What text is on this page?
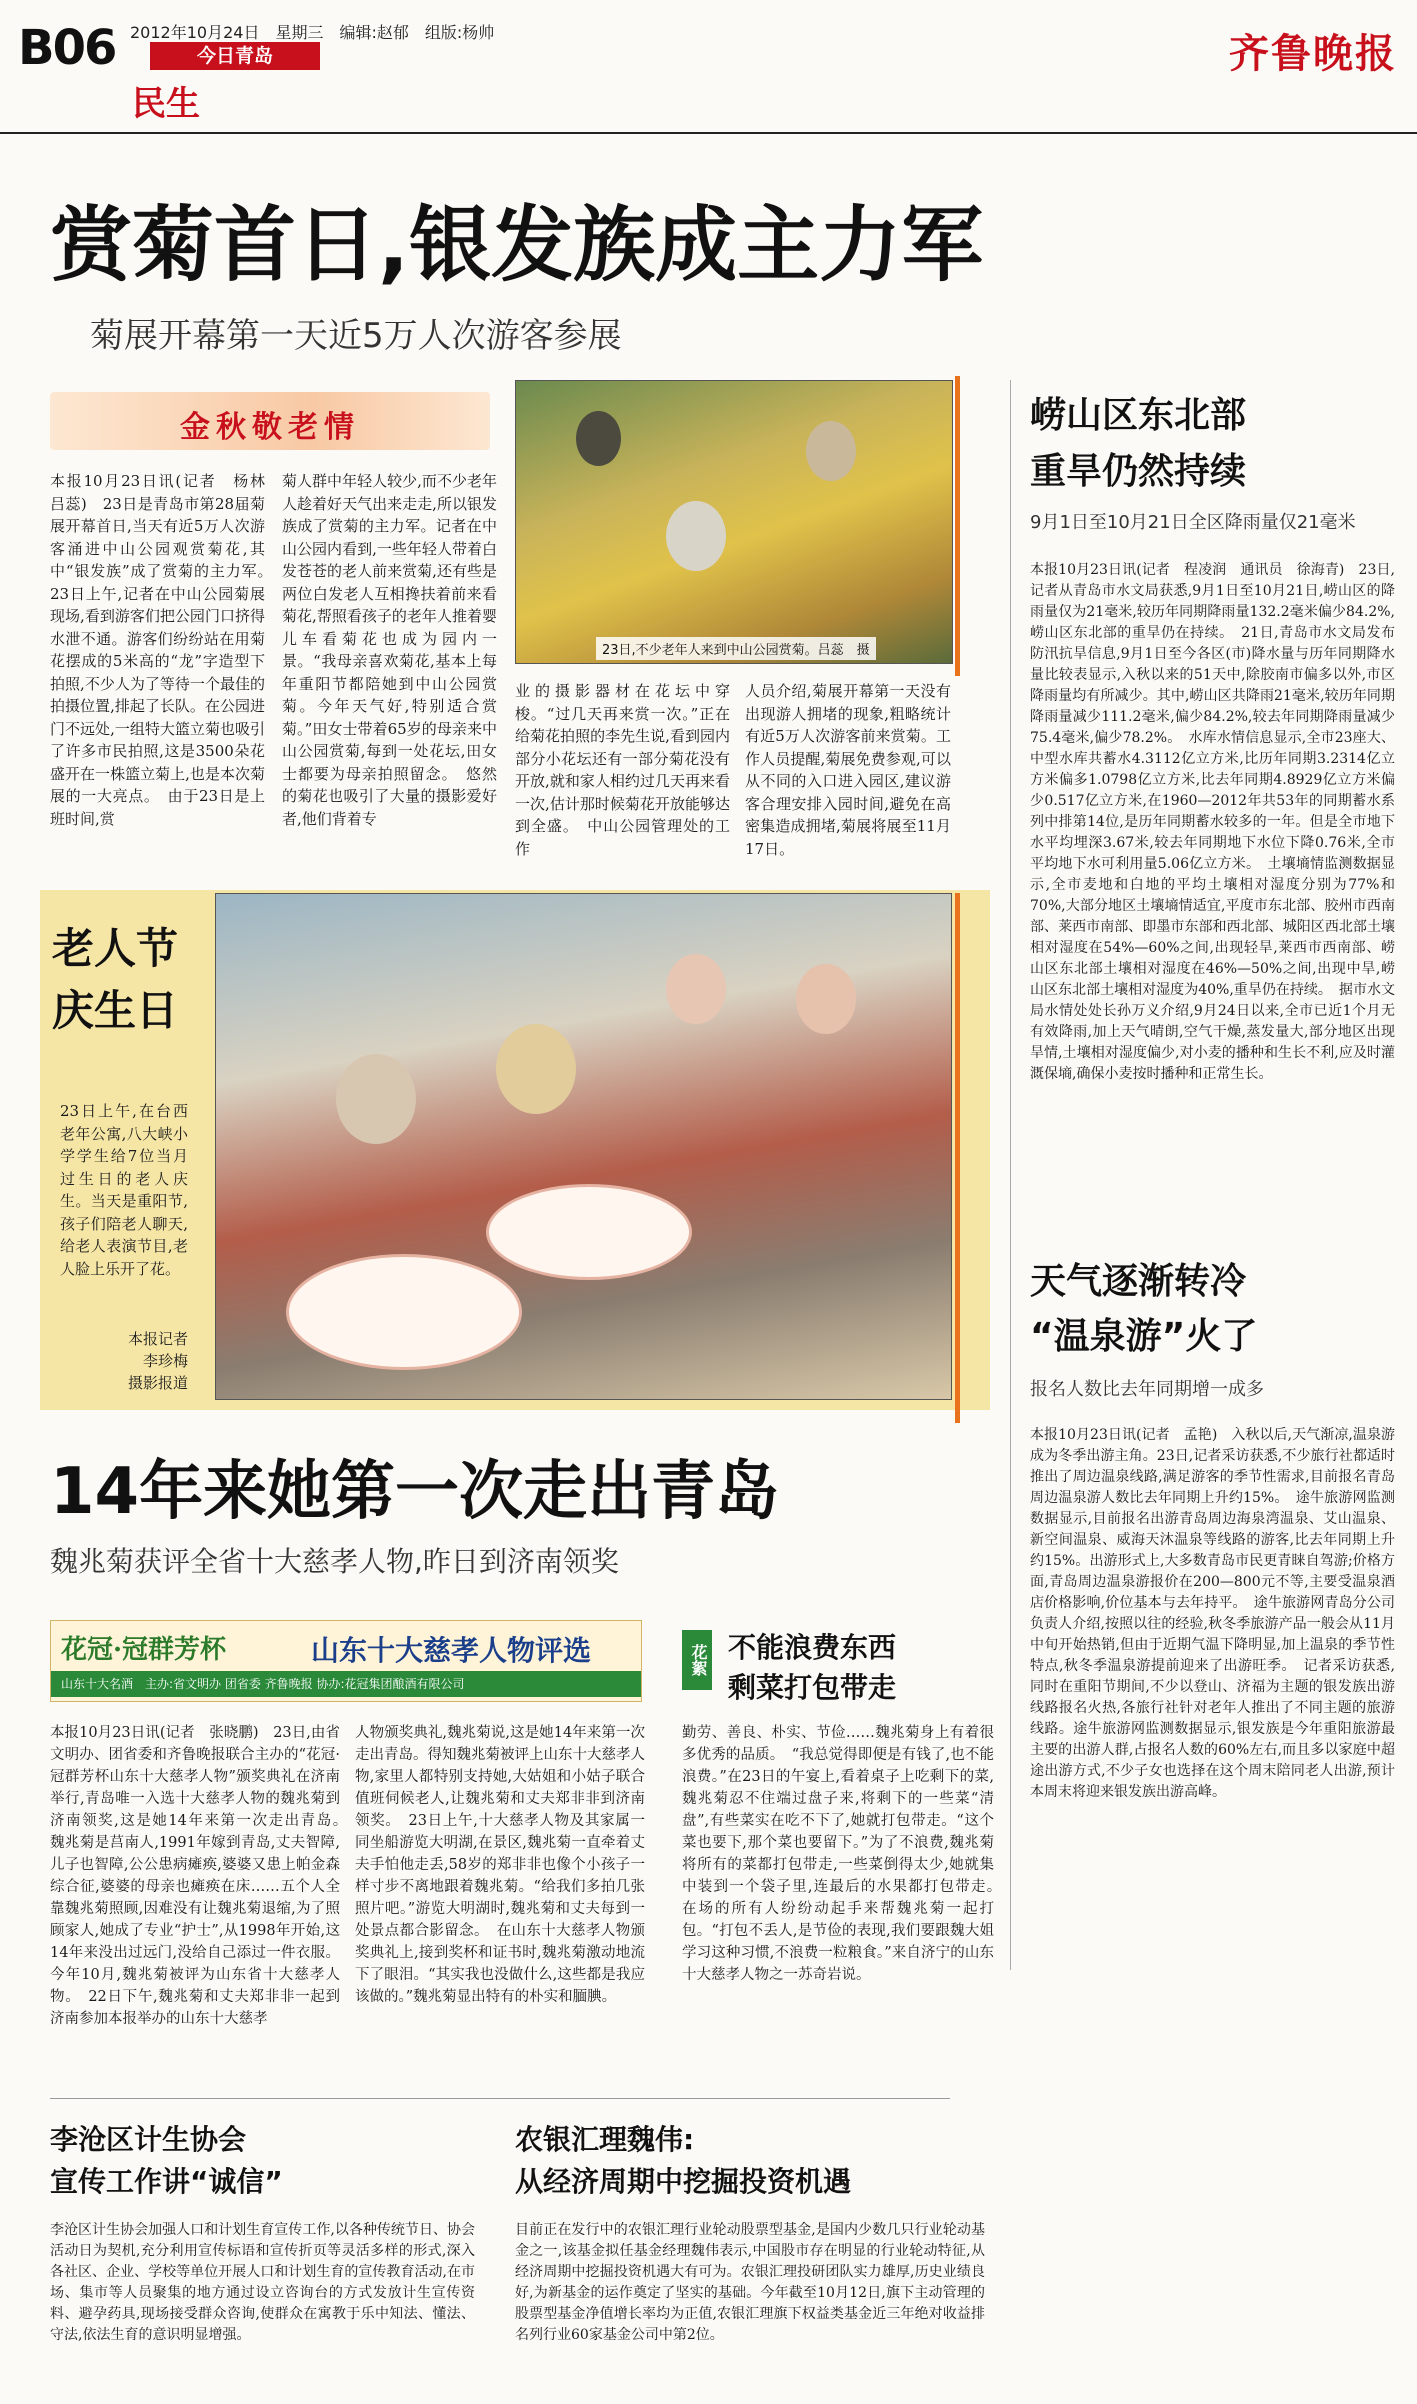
B06 2012年10月24日　星期三　编辑:赵郁　组版:杨帅
今日青岛
民生
齐鲁晚报
赏菊首日,银发族成主力军
菊展开幕第一天近5万人次游客参展
金秋敬老情
本报10月23日讯(记者　杨林　吕蕊)　23日是青岛市第28届菊展开幕首日,当天有近5万人次游客涌进中山公园观赏菊花,其中“银发族”成了赏菊的主力军。　23日上午,记者在中山公园菊展现场,看到游客们把公园门口挤得水泄不通。游客们纷纷站在用菊花摆成的5米高的“龙”字造型下拍照,不少人为了等待一个最佳的拍摄位置,排起了长队。在公园进门不远处,一组特大篮立菊也吸引了许多市民拍照,这是3500朵花盛开在一株篮立菊上,也是本次菊展的一大亮点。　由于23日是上班时间,赏
菊人群中年轻人较少,而不少老年人趁着好天气出来走走,所以银发族成了赏菊的主力军。记者在中山公园内看到,一些年轻人带着白发苍苍的老人前来赏菊,还有些是两位白发老人互相搀扶着前来看菊花,帮照看孩子的老年人推着婴儿车看菊花也成为园内一景。“我母亲喜欢菊花,基本上每年重阳节都陪她到中山公园赏菊。今年天气好,特别适合赏菊。”田女士带着65岁的母亲来中山公园赏菊,每到一处花坛,田女士都要为母亲拍照留念。　悠然的菊花也吸引了大量的摄影爱好者,他们背着专
23日,不少老年人来到中山公园赏菊。吕蕊　摄
业的摄影器材在花坛中穿梭。“过几天再来赏一次。”正在给菊花拍照的李先生说,看到园内部分小花坛还有一部分菊花没有开放,就和家人相约过几天再来看一次,估计那时候菊花开放能够达到全盛。　中山公园管理处的工作
人员介绍,菊展开幕第一天没有出现游人拥堵的现象,粗略统计有近5万人次游客前来赏菊。工作人员提醒,菊展免费参观,可以从不同的入口进入园区,建议游客合理安排入园时间,避免在高密集造成拥堵,菊展将展至11月17日。
崂山区东北部
重旱仍然持续
9月1日至10月21日全区降雨量仅21毫米
本报10月23日讯(记者　程凌润　通讯员　徐海青)　23日,记者从青岛市水文局获悉,9月1日至10月21日,崂山区的降雨量仅为21毫米,较历年同期降雨量132.2毫米偏少84.2%,崂山区东北部的重旱仍在持续。　21日,青岛市水文局发布防汛抗旱信息,9月1日至今各区(市)降水量与历年同期降水量比较表显示,入秋以来的51天中,除胶南市偏多以外,市区降雨量均有所减少。其中,崂山区共降雨21毫米,较历年同期降雨量减少111.2毫米,偏少84.2%,较去年同期降雨量减少75.4毫米,偏少78.2%。　水库水情信息显示,全市23座大、中型水库共蓄水4.3112亿立方米,比历年同期3.2314亿立方米偏多1.0798亿立方米,比去年同期4.8929亿立方米偏少0.517亿立方米,在1960—2012年共53年的同期蓄水系列中排第14位,是历年同期蓄水较多的一年。但是全市地下水平均埋深3.67米,较去年同期地下水位下降0.76米,全市平均地下水可利用量5.06亿立方米。　土壤墒情监测数据显示,全市麦地和白地的平均土壤相对湿度分别为77%和70%,大部分地区土壤墒情适宜,平度市东北部、胶州市西南部、莱西市南部、即墨市东部和西北部、城阳区西北部土壤相对湿度在54%—60%之间,出现轻旱,莱西市西南部、崂山区东北部土壤相对湿度在46%—50%之间,出现中旱,崂山区东北部土壤相对湿度为40%,重旱仍在持续。　据市水文局水情处处长孙万义介绍,9月24日以来,全市已近1个月无有效降雨,加上天气晴朗,空气干燥,蒸发量大,部分地区出现旱情,土壤相对湿度偏少,对小麦的播种和生长不利,应及时灌溉保墒,确保小麦按时播种和正常生长。
老人节
庆生日
23日上午,在台西老年公寓,八大峡小学学生给7位当月过生日的老人庆生。当天是重阳节,孩子们陪老人聊天,给老人表演节目,老人脸上乐开了花。
本报记者
李珍梅
摄影报道
天气逐渐转冷
“温泉游”火了
报名人数比去年同期增一成多
本报10月23日讯(记者　孟艳)　入秋以后,天气渐凉,温泉游成为冬季出游主角。23日,记者采访获悉,不少旅行社都适时推出了周边温泉线路,满足游客的季节性需求,目前报名青岛周边温泉游人数比去年同期上升约15%。　途牛旅游网监测数据显示,目前报名出游青岛周边海泉湾温泉、艾山温泉、新空间温泉、威海天沐温泉等线路的游客,比去年同期上升约15%。出游形式上,大多数青岛市民更青睐自驾游;价格方面,青岛周边温泉游报价在200—800元不等,主要受温泉酒店价格影响,价位基本与去年持平。　途牛旅游网青岛分公司负责人介绍,按照以往的经验,秋冬季旅游产品一般会从11月中旬开始热销,但由于近期气温下降明显,加上温泉的季节性特点,秋冬季温泉游提前迎来了出游旺季。　记者采访获悉,同时在重阳节期间,不少以登山、济福为主题的银发族出游线路报名火热,各旅行社针对老年人推出了不同主题的旅游线路。途牛旅游网监测数据显示,银发族是今年重阳旅游最主要的出游人群,占报名人数的60%左右,而且多以家庭中超途出游方式,不少子女也选择在这个周末陪同老人出游,预计本周末将迎来银发族出游高峰。
14年来她第一次走出青岛
魏兆菊获评全省十大慈孝人物,昨日到济南领奖
花冠·冠群芳杯	山东十大慈孝人物评选
山东十大名酒　主办:省文明办 团省委 齐鲁晚报 协办:花冠集团酿酒有限公司
本报10月23日讯(记者　张晓鹏)　23日,由省文明办、团省委和齐鲁晚报联合主办的“花冠·冠群芳杯山东十大慈孝人物”颁奖典礼在济南举行,青岛唯一入选十大慈孝人物的魏兆菊到济南领奖,这是她14年来第一次走出青岛。　魏兆菊是莒南人,1991年嫁到青岛,丈夫智障,儿子也智障,公公患病瘫痪,婆婆又患上帕金森综合征,婆婆的母亲也瘫痪在床……五个人全靠魏兆菊照顾,因难没有让魏兆菊退缩,为了照顾家人,她成了专业“护士”,从1998年开始,这14年来没出过远门,没给自己添过一件衣服。今年10月,魏兆菊被评为山东省十大慈孝人物。　22日下午,魏兆菊和丈夫郑非非一起到济南参加本报举办的山东十大慈孝
人物颁奖典礼,魏兆菊说,这是她14年来第一次走出青岛。得知魏兆菊被评上山东十大慈孝人物,家里人都特别支持她,大姑姐和小姑子联合值班伺候老人,让魏兆菊和丈夫郑非非到济南领奖。　23日上午,十大慈孝人物及其家属一同坐船游览大明湖,在景区,魏兆菊一直牵着丈夫手怕他走丢,58岁的郑非非也像个小孩子一样寸步不离地跟着魏兆菊。“给我们多拍几张照片吧。”游览大明湖时,魏兆菊和丈夫每到一处景点都合影留念。　在山东十大慈孝人物颁奖典礼上,接到奖杯和证书时,魏兆菊激动地流下了眼泪。“其实我也没做什么,这些都是我应该做的。”魏兆菊显出特有的朴实和腼腆。
花絮 不能浪费东西
剩菜打包带走
勤劳、善良、朴实、节俭……魏兆菊身上有着很多优秀的品质。　“我总觉得即便是有钱了,也不能浪费。”在23日的午宴上,看着桌子上吃剩下的菜,魏兆菊忍不住端过盘子来,将剩下的一些菜“清盘”,有些菜实在吃不下了,她就打包带走。“这个菜也要下,那个菜也要留下。”为了不浪费,魏兆菊将所有的菜都打包带走,一些菜倒得太少,她就集中装到一个袋子里,连最后的水果都打包带走。　在场的所有人纷纷动起手来帮魏兆菊一起打包。“打包不丢人,是节俭的表现,我们要跟魏大姐学习这种习惯,不浪费一粒粮食。”来自济宁的山东十大慈孝人物之一苏奇岩说。
李沧区计生协会
宣传工作讲“诚信”
李沧区计生协会加强人口和计划生育宣传工作,以各种传统节日、协会活动日为契机,充分利用宣传标语和宣传折页等灵活多样的形式,深入各社区、企业、学校等单位开展人口和计划生育的宣传教育活动,在市场、集市等人员聚集的地方通过设立咨询台的方式发放计生宣传资料、避孕药具,现场接受群众咨询,使群众在寓教于乐中知法、懂法、守法,依法生育的意识明显增强。
农银汇理魏伟:
从经济周期中挖掘投资机遇
目前正在发行中的农银汇理行业轮动股票型基金,是国内少数几只行业轮动基金之一,该基金拟任基金经理魏伟表示,中国股市存在明显的行业轮动特征,从经济周期中挖掘投资机遇大有可为。农银汇理投研团队实力雄厚,历史业绩良好,为新基金的运作奠定了坚实的基础。今年截至10月12日,旗下主动管理的股票型基金净值增长率均为正值,农银汇理旗下权益类基金近三年绝对收益排名列行业60家基金公司中第2位。
